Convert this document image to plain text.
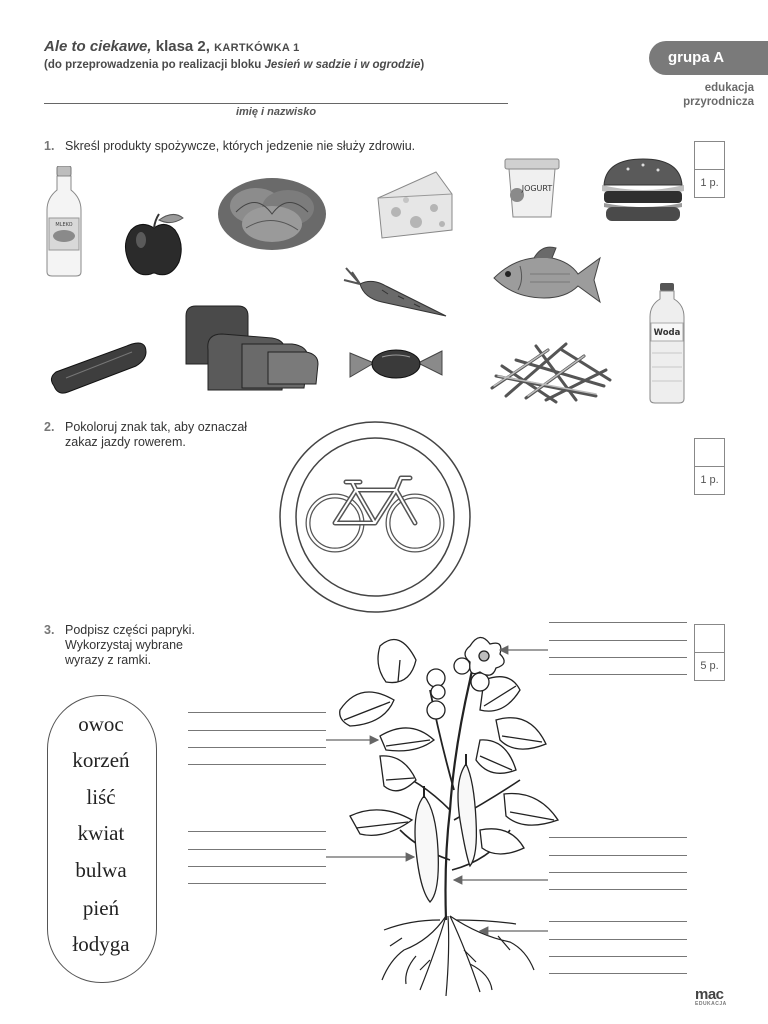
Ale to ciekawe, klasa 2, KARTKÓWKA 1
(do przeprowadzenia po realizacji bloku Jesień w sadzie i w ogrodzie)	grupa A
edukacja
przyrodnicza
imię i nazwisko
1. Skreśl produkty spożywcze, których jedzenie nie służy zdrowiu.
1 p.
MLEKO
JOGURT
Woda
2. Pokoloruj znak tak, aby oznaczał
zakaz jazdy rowerem.
1 p.
3. Podpisz części papryki.
Wykorzystaj wybrane
wyrazy z ramki.	5 p.
owoc
korzeń
liść
kwiat
bulwa
pień
łodyga
mac
EDUKACJA
